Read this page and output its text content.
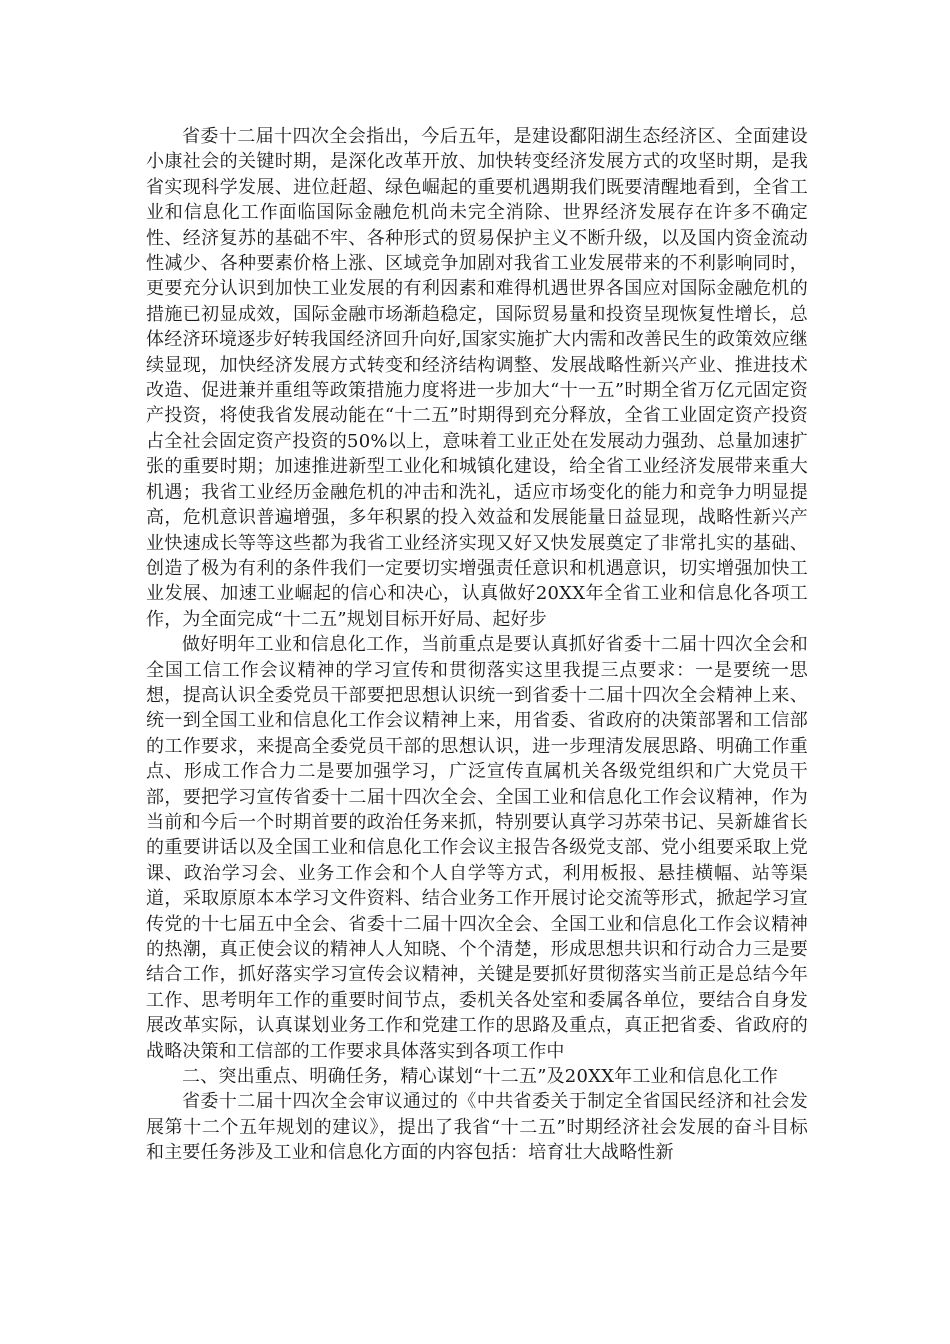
省委十二届十四次全会指出，今后五年，是建设鄱阳湖生态经济区、全面建设小康社会的关键时期，是深化改革开放、加快转变经济发展方式的攻坚时期，是我省实现科学发展、进位赶超、绿色崛起的重要机遇期我们既要清醒地看到，全省工业和信息化工作面临国际金融危机尚未完全消除、世界经济发展存在许多不确定性、经济复苏的基础不牢、各种形式的贸易保护主义不断升级，以及国内资金流动性减少、各种要素价格上涨、区域竞争加剧对我省工业发展带来的不利影响同时，更要充分认识到加快工业发展的有利因素和难得机遇世界各国应对国际金融危机的措施已初显成效，国际金融市场渐趋稳定，国际贸易量和投资呈现恢复性增长，总体经济环境逐步好转我国经济回升向好,国家实施扩大内需和改善民生的政策效应继续显现，加快经济发展方式转变和经济结构调整、发展战略性新兴产业、推进技术改造、促进兼并重组等政策措施力度将进一步加大“十一五”时期全省万亿元固定资产投资，将使我省发展动能在“十二五”时期得到充分释放，全省工业固定资产投资占全社会固定资产投资的50%以上，意味着工业正处在发展动力强劲、总量加速扩张的重要时期；加速推进新型工业化和城镇化建设，给全省工业经济发展带来重大机遇；我省工业经历金融危机的冲击和洗礼，适应市场变化的能力和竞争力明显提高，危机意识普遍增强，多年积累的投入效益和发展能量日益显现，战略性新兴产业快速成长等等这些都为我省工业经济实现又好又快发展奠定了非常扎实的基础、创造了极为有利的条件我们一定要切实增强责任意识和机遇意识，切实增强加快工业发展、加速工业崛起的信心和决心，认真做好20XX年全省工业和信息化各项工作，为全面完成“十二五”规划目标开好局、起好步

做好明年工业和信息化工作，当前重点是要认真抓好省委十二届十四次全会和全国工信工作会议精神的学习宣传和贯彻落实这里我提三点要求：一是要统一思想，提高认识全委党员干部要把思想认识统一到省委十二届十四次全会精神上来、统一到全国工业和信息化工作会议精神上来，用省委、省政府的决策部署和工信部的工作要求，来提高全委党员干部的思想认识，进一步理清发展思路、明确工作重点、形成工作合力二是要加强学习，广泛宣传直属机关各级党组织和广大党员干部，要把学习宣传省委十二届十四次全会、全国工业和信息化工作会议精神，作为当前和今后一个时期首要的政治任务来抓，特别要认真学习苏荣书记、吴新雄省长的重要讲话以及全国工业和信息化工作会议主报告各级党支部、党小组要采取上党课、政治学习会、业务工作会和个人自学等方式，利用板报、悬挂横幅、站等渠道，采取原原本本学习文件资料、结合业务工作开展讨论交流等形式，掀起学习宣传党的十七届五中全会、省委十二届十四次全会、全国工业和信息化工作会议精神的热潮，真正使会议的精神人人知晓、个个清楚，形成思想共识和行动合力三是要结合工作，抓好落实学习宣传会议精神，关键是要抓好贯彻落实当前正是总结今年工作、思考明年工作的重要时间节点，委机关各处室和委属各单位，要结合自身发展改革实际，认真谋划业务工作和党建工作的思路及重点，真正把省委、省政府的战略决策和工信部的工作要求具体落实到各项工作中

二、突出重点、明确任务，精心谋划“十二五”及20XX年工业和信息化工作

省委十二届十四次全会审议通过的《中共省委关于制定全省国民经济和社会发展第十二个五年规划的建议》，提出了我省“十二五”时期经济社会发展的奋斗目标和主要任务涉及工业和信息化方面的内容包括：培育壮大战略性新
